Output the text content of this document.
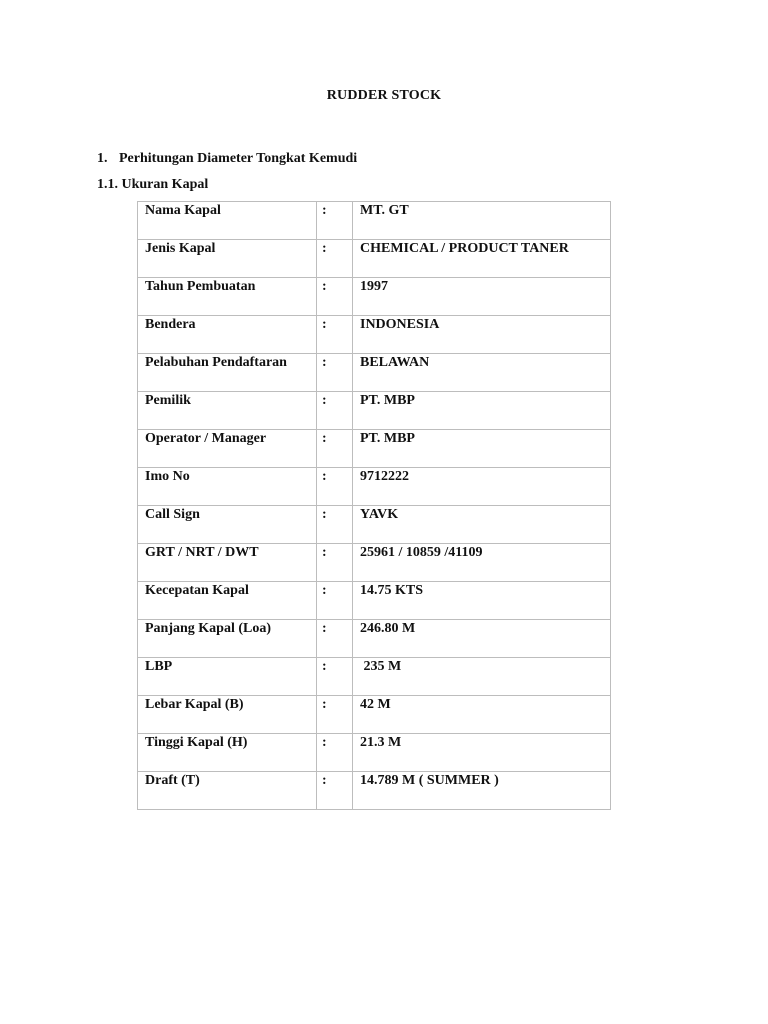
RUDDER STOCK
1. Perhitungan Diameter Tongkat Kemudi
1.1. Ukuran Kapal
Nama Kapal	:	MT. GT

Jenis Kapal	:	CHEMICAL / PRODUCT TANER

Tahun Pembuatan	:	1997

Bendera	:	INDONESIA

Pelabuhan Pendaftaran	:	BELAWAN

Pemilik	:	PT. MBP

Operator / Manager	:	PT. MBP

Imo No	:	9712222

Call Sign	:	YAVK

GRT / NRT / DWT	:	25961 / 10859 /41109

Kecepatan Kapal	:	14.75 KTS

Panjang Kapal (Loa)	:	246.80 M

LBP	:	235 M

Lebar Kapal (B)	:	42 M

Tinggi Kapal (H)	:	21.3 M

Draft (T)	:	14.789 M ( SUMMER )
